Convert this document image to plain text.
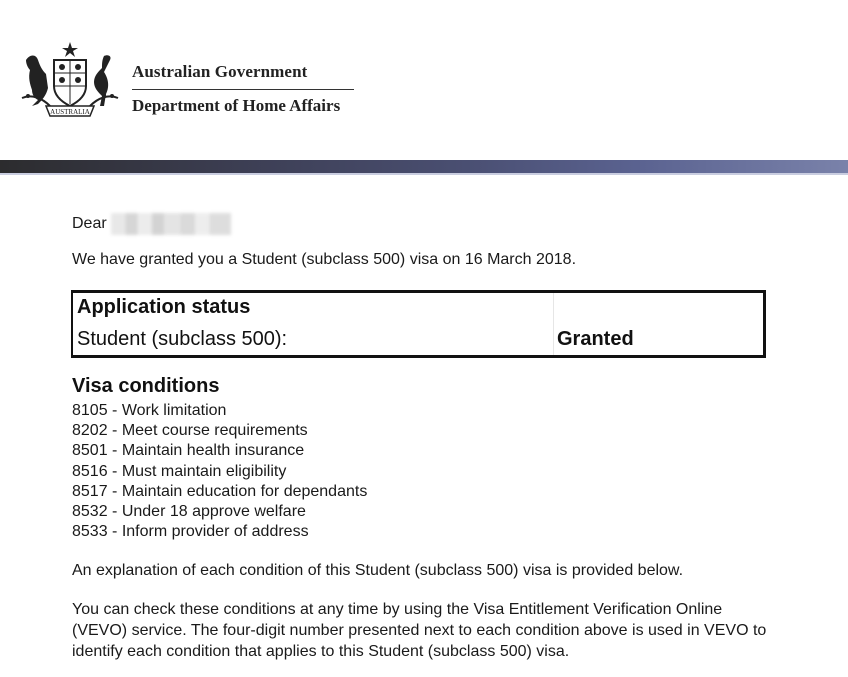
AUSTRALIA
Australian Government
Department of Home Affairs
Dear
We have granted you a Student (subclass 500) visa on 16 March 2018.
Application status
Student (subclass 500):	Granted
Visa conditions
8105 - Work limitation
8202 - Meet course requirements
8501 - Maintain health insurance
8516 - Must maintain eligibility
8517 - Maintain education for dependants
8532 - Under 18 approve welfare
8533 - Inform provider of address
An explanation of each condition of this Student (subclass 500) visa is provided below.
You can check these conditions at any time by using the Visa Entitlement Verification Online (VEVO) service. The four-digit number presented next to each condition above is used in VEVO to identify each condition that applies to this Student (subclass 500) visa.
